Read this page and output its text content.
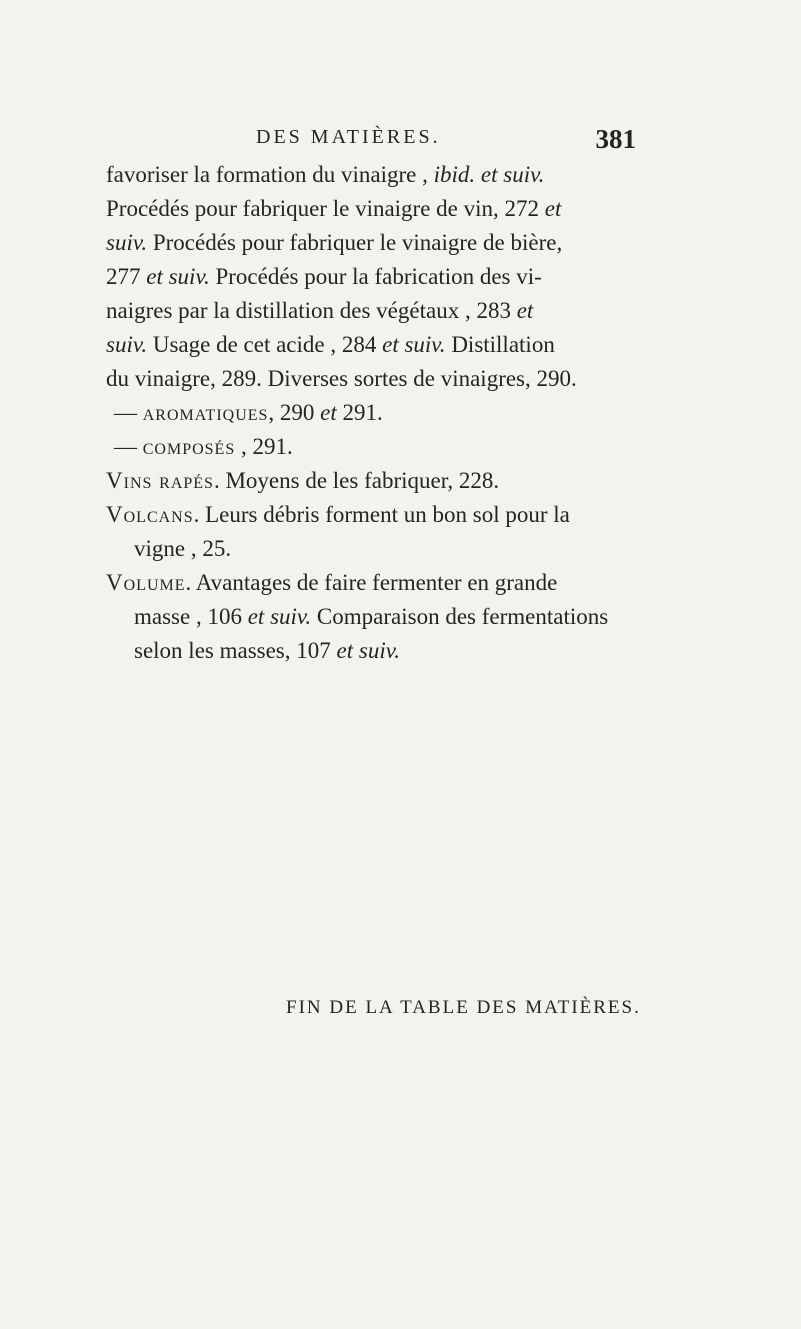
DES MATIÈRES.	381
favoriser la formation du vinaigre , ibid. et suiv.
Procédés pour fabriquer le vinaigre de vin, 272 et
suiv. Procédés pour fabriquer le vinaigre de bière,
277 et suiv. Procédés pour la fabrication des vi-
naigres par la distillation des végétaux , 283 et
suiv. Usage de cet acide , 284 et suiv. Distillation
du vinaigre, 289. Diverses sortes de vinaigres, 290.
— aromatiques, 290 et 291.
— composés , 291.
Vins rapés. Moyens de les fabriquer, 228.
Volcans. Leurs débris forment un bon sol pour la
vigne , 25.
Volume. Avantages de faire fermenter en grande
masse , 106 et suiv. Comparaison des fermentations
selon les masses, 107 et suiv.
FIN DE LA TABLE DES MATIÈRES.
